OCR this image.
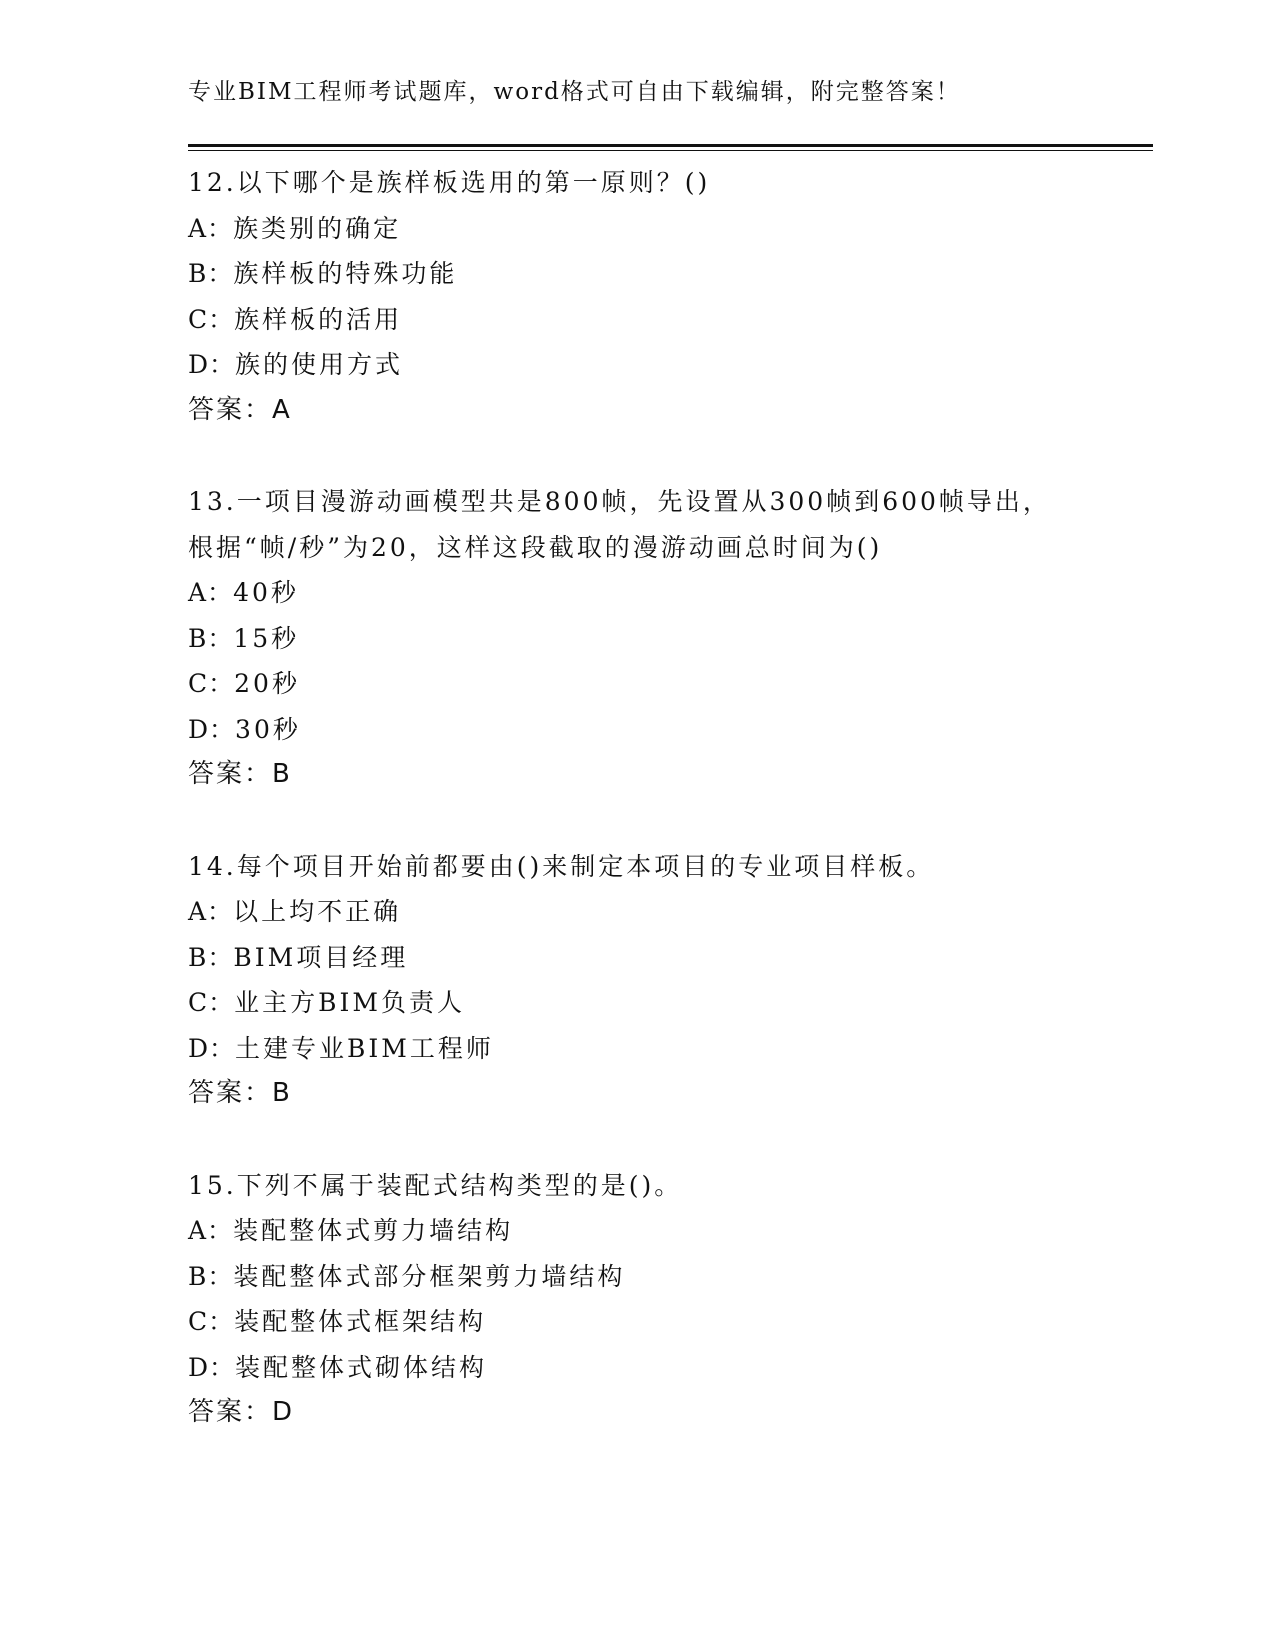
专业BIM工程师考试题库，word格式可自由下载编辑，附完整答案！
12.以下哪个是族样板选用的第一原则？()
A：族类别的确定
B：族样板的特殊功能
C：族样板的活用
D：族的使用方式
答案：A
13.一项目漫游动画模型共是800帧，先设置从300帧到600帧导出，
根据“帧/秒”为20，这样这段截取的漫游动画总时间为()
A：40秒
B：15秒
C：20秒
D：30秒
答案：B
14.每个项目开始前都要由()来制定本项目的专业项目样板。
A：以上均不正确
B：BIM项目经理
C：业主方BIM负责人
D：土建专业BIM工程师
答案：B
15.下列不属于装配式结构类型的是()。
A：装配整体式剪力墙结构
B：装配整体式部分框架剪力墙结构
C：装配整体式框架结构
D：装配整体式砌体结构
答案：D
